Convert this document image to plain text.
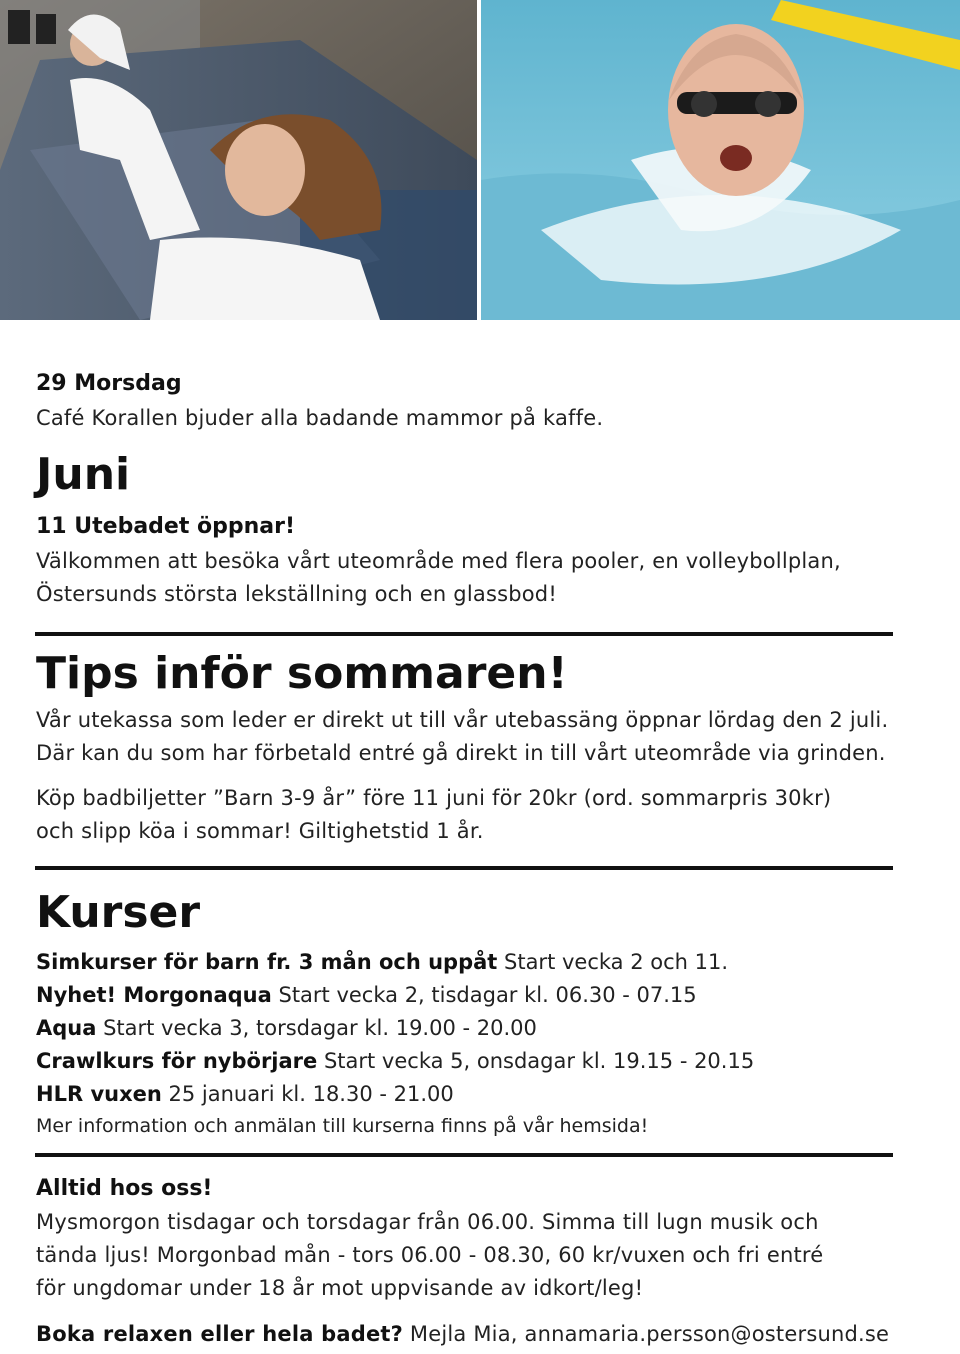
29 Morsdag
Café Korallen bjuder alla badande mammor på kaffe.
Juni
11 Utebadet öppnar!
Välkommen att besöka vårt uteområde med flera pooler, en volleybollplan,
Östersunds största lekställning och en glassbod!
Tips inför sommaren!
Vår utekassa som leder er direkt ut till vår utebassäng öppnar lördag den 2 juli.
Där kan du som har förbetald entré gå direkt in till vårt uteområde via grinden.
Köp badbiljetter ”Barn 3-9 år” före 11 juni för 20kr (ord. sommarpris 30kr)
och slipp köa i sommar! Giltighetstid 1 år.
Kurser
Simkurser för barn fr. 3 mån och uppåt Start vecka 2 och 11.
Nyhet! Morgonaqua Start vecka 2, tisdagar kl. 06.30 - 07.15
Aqua Start vecka 3, torsdagar kl. 19.00 - 20.00
Crawlkurs för nybörjare Start vecka 5, onsdagar kl. 19.15 - 20.15
HLR vuxen 25 januari kl. 18.30 - 21.00
Mer information och anmälan till kurserna finns på vår hemsida!
Alltid hos oss!
Mysmorgon tisdagar och torsdagar från 06.00. Simma till lugn musik och
tända ljus! Morgonbad mån - tors 06.00 - 08.30, 60 kr/vuxen och fri entré
för ungdomar under 18 år mot uppvisande av idkort/leg!
Boka relaxen eller hela badet? Mejla Mia, annamaria.persson@ostersund.se
